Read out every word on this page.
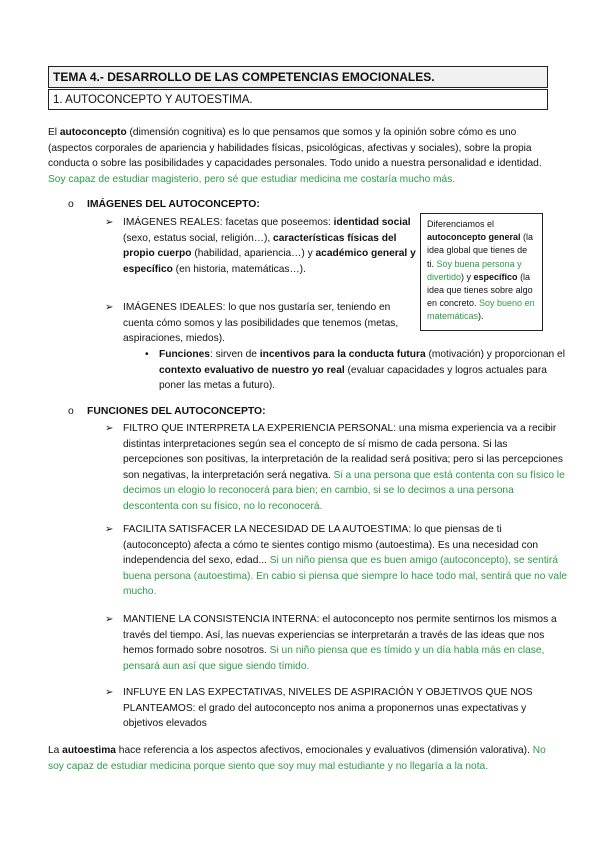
TEMA 4.- DESARROLLO DE LAS COMPETENCIAS EMOCIONALES.
1. AUTOCONCEPTO Y AUTOESTIMA.
El autoconcepto (dimensión cognitiva) es lo que pensamos que somos y la opinión sobre cómo es uno (aspectos corporales de apariencia y habilidades físicas, psicológicas, afectivas y sociales), sobre la propia conducta o sobre las posibilidades y capacidades personales. Todo unido a nuestra personalidad e identidad. Soy capaz de estudiar magisterio, pero sé que estudiar medicina me costaría mucho más.
o IMÁGENES DEL AUTOCONCEPTO:
➢ IMÁGENES REALES: facetas que poseemos: identidad social (sexo, estatus social, religión…), características físicas del propio cuerpo (habilidad, apariencia…) y académico general y específico (en historia, matemáticas…).
➢ IMÁGENES IDEALES: lo que nos gustaría ser, teniendo en cuenta cómo somos y las posibilidades que tenemos (metas, aspiraciones, miedos).
• Funciones: sirven de incentivos para la conducta futura (motivación) y proporcionan el contexto evaluativo de nuestro yo real (evaluar capacidades y logros actuales para poner las metas a futuro).
Diferenciamos el autoconcepto general (la idea global que tienes de ti. Soy buena persona y divertido) y específico (la idea que tienes sobre algo en concreto. Soy bueno en matemáticas).
o FUNCIONES DEL AUTOCONCEPTO:
➢ FILTRO QUE INTERPRETA LA EXPERIENCIA PERSONAL: una misma experiencia va a recibir distintas interpretaciones según sea el concepto de sí mismo de cada persona. Si las percepciones son positivas, la interpretación de la realidad será positiva; pero si las percepciones son negativas, la interpretación será negativa. Si a una persona que está contenta con su físico le decimos un elogio lo reconocerá para bien; en cambio, si se lo decimos a una persona descontenta con su físico, no lo reconocerá.
➢ FACILITA SATISFACER LA NECESIDAD DE LA AUTOESTIMA: lo que piensas de ti (autoconcepto) afecta a cómo te sientes contigo mismo (autoestima). Es una necesidad con independencia del sexo, edad... Si un niño piensa que es buen amigo (autoconcepto), se sentirá buena persona (autoestima). En cabio si piensa que siempre lo hace todo mal, sentirá que no vale mucho.
➢ MANTIENE LA CONSISTENCIA INTERNA: el autoconcepto nos permite sentirnos los mismos a través del tiempo. Así, las nuevas experiencias se interpretarán a través de las ideas que nos hemos formado sobre nosotros. Si un niño piensa que es tímido y un día habla más en clase, pensará aun así que sigue siendo tímido.
➢ INFLUYE EN LAS EXPECTATIVAS, NIVELES DE ASPIRACIÓN Y OBJETIVOS QUE NOS PLANTEAMOS: el grado del autoconcepto nos anima a proponernos unas expectativas y objetivos elevados
La autoestima hace referencia a los aspectos afectivos, emocionales y evaluativos (dimensión valorativa). No soy capaz de estudiar medicina porque siento que soy muy mal estudiante y no llegaría a la nota.
